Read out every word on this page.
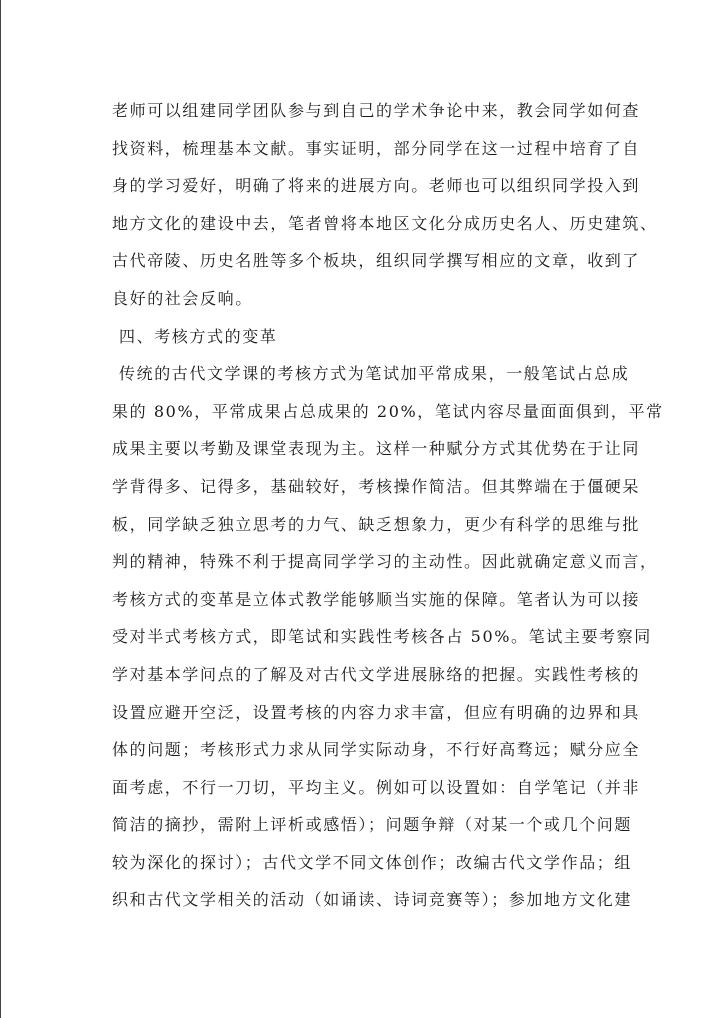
老师可以组建同学团队参与到自己的学术争论中来，教会同学如何查
找资料，梳理基本文献。事实证明，部分同学在这一过程中培育了自
身的学习爱好，明确了将来的进展方向。老师也可以组织同学投入到
地方文化的建设中去，笔者曾将本地区文化分成历史名人、历史建筑、
古代帝陵、历史名胜等多个板块，组织同学撰写相应的文章，收到了
良好的社会反响。
四、考核方式的变革
传统的古代文学课的考核方式为笔试加平常成果，一般笔试占总成
果的 80%，平常成果占总成果的 20%，笔试内容尽量面面俱到，平常
成果主要以考勤及课堂表现为主。这样一种赋分方式其优势在于让同
学背得多、记得多，基础较好，考核操作简洁。但其弊端在于僵硬呆
板，同学缺乏独立思考的力气、缺乏想象力，更少有科学的思维与批
判的精神，特殊不利于提高同学学习的主动性。因此就确定意义而言，
考核方式的变革是立体式教学能够顺当实施的保障。笔者认为可以接
受对半式考核方式，即笔试和实践性考核各占 50%。笔试主要考察同
学对基本学问点的了解及对古代文学进展脉络的把握。实践性考核的
设置应避开空泛，设置考核的内容力求丰富，但应有明确的边界和具
体的问题；考核形式力求从同学实际动身，不行好高骛远；赋分应全
面考虑，不行一刀切，平均主义。例如可以设置如：自学笔记（并非
简洁的摘抄，需附上评析或感悟）；问题争辩（对某一个或几个问题
较为深化的探讨）；古代文学不同文体创作；改编古代文学作品；组
织和古代文学相关的活动（如诵读、诗词竞赛等）；参加地方文化建
